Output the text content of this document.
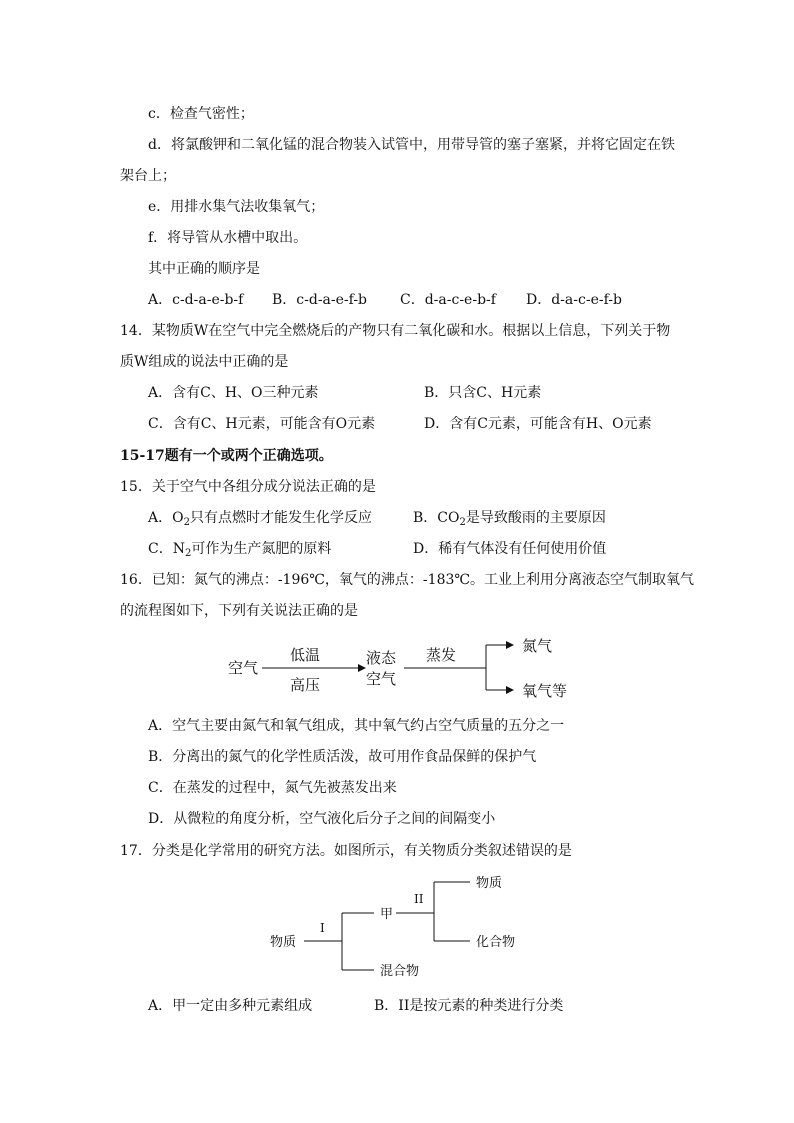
c．检查气密性；
d．将氯酸钾和二氧化锰的混合物装入试管中，用带导管的塞子塞紧，并将它固定在铁
架台上；
e．用排水集气法收集氧气；
f．将导管从水槽中取出。
其中正确的顺序是
A．c-d-a-e-b-f B．c-d-a-e-f-b C．d-a-c-e-b-f D．d-a-c-e-f-b
14．某物质W在空气中完全燃烧后的产物只有二氧化碳和水。根据以上信息，下列关于物
质W组成的说法中正确的是
A．含有C、H、O三种元素	B．只含C、H元素
C．含有C、H元素，可能含有O元素	D．含有C元素，可能含有H、O元素
15-17题有一个或两个正确选项。
15．关于空气中各组分成分说法正确的是
A．$O_2$只有点燃时才能发生化学反应	B．$CO_2$是导致酸雨的主要原因
C．$N_2$可作为生产氮肥的原料	D．稀有气体没有任何使用价值
16．已知：氮气的沸点：-196℃，氧气的沸点：-183℃。工业上利用分离液态空气制取氧气
的流程图如下，下列有关说法正确的是
空气
低温
高压
液态
空气
蒸发	氮气
氧气等
A．空气主要由氮气和氧气组成，其中氧气约占空气质量的五分之一
B．分离出的氮气的化学性质活泼，故可用作食品保鲜的保护气
C．在蒸发的过程中，氮气先被蒸发出来
D．从微粒的角度分析，空气液化后分子之间的间隔变小
17．分类是化学常用的研究方法。如图所示，有关物质分类叙述错误的是
物质
I
甲
混合物
II
物质
化合物
A．甲一定由多种元素组成	B．II是按元素的种类进行分类
